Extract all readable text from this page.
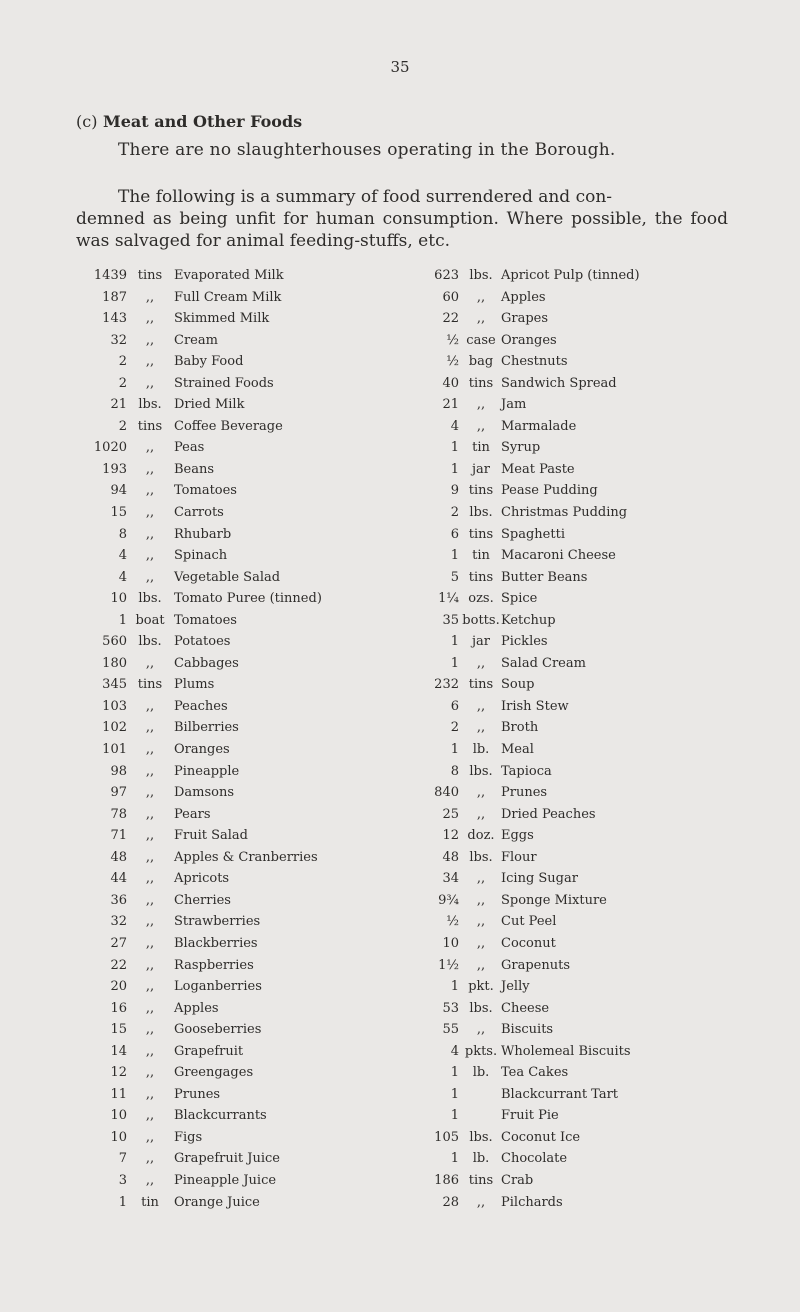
35
(c) Meat and Other Foods
There are no slaughterhouses operating in the Borough.
The following is a summary of food surrendered and con-
demned as being unfit for human consumption. Where possible, the food was salvaged for animal feeding-stuffs, etc.
1439 tins Evaporated Milk	623 lbs. Apricot Pulp (tinned)
187	,,	Full Cream Milk	60	,,	Apples
143	,,	Skimmed Milk	22	,,	Grapes
32	,,	Cream	½ case Oranges
2	,,	Baby Food	½ bag Chestnuts
2	,,	Strained Foods	40 tins Sandwich Spread
21 lbs. Dried Milk	21	,,	Jam
2 tins Coffee Beverage	4	,,	Marmalade
1020	,,	Peas	1	tin Syrup
193	,,	Beans	1	jar Meat Paste
94	,,	Tomatoes	9 tins Pease Pudding
15	,,	Carrots	2 lbs. Christmas Pudding
8	,,	Rhubarb	6 tins Spaghetti
4	,,	Spinach	1	tin Macaroni Cheese
4	,,	Vegetable Salad	5 tins Butter Beans
10 lbs. Tomato Puree (tinned)	1¼ ozs. Spice
1 boat Tomatoes	35 botts. Ketchup
560 lbs. Potatoes	1	jar Pickles
180	,,	Cabbages	1	,,	Salad Cream
345 tins Plums	232 tins Soup
103	,,	Peaches	6	,,	Irish Stew
102	,,	Bilberries	2	,,	Broth
101	,,	Oranges	1	lb. Meal
98	,,	Pineapple	8 lbs. Tapioca
97	,,	Damsons	840	,,	Prunes
78	,,	Pears	25	,,	Dried Peaches
71	,,	Fruit Salad	12 doz. Eggs
48	,,	Apples & Cranberries	48 lbs. Flour
44	,,	Apricots	34	,,	Icing Sugar
36	,,	Cherries	9¾	,,	Sponge Mixture
32	,,	Strawberries	½	,,	Cut Peel
27	,,	Blackberries	10	,,	Coconut
22	,,	Raspberries	1½	,,	Grapenuts
20	,,	Loganberries	1 pkt. Jelly
16	,,	Apples	53 lbs. Cheese
15	,,	Gooseberries	55	,,	Biscuits
14	,,	Grapefruit	4 pkts. Wholemeal Biscuits
12	,,	Greengages	1	lb. Tea Cakes
11	,,	Prunes	1	Blackcurrant Tart
10	,,	Blackcurrants	1	Fruit Pie
10	,,	Figs	105 lbs. Coconut Ice
7	,,	Grapefruit Juice	1	lb. Chocolate
3	,,	Pineapple Juice	186 tins Crab
1	tin	Orange Juice	28	,,	Pilchards
